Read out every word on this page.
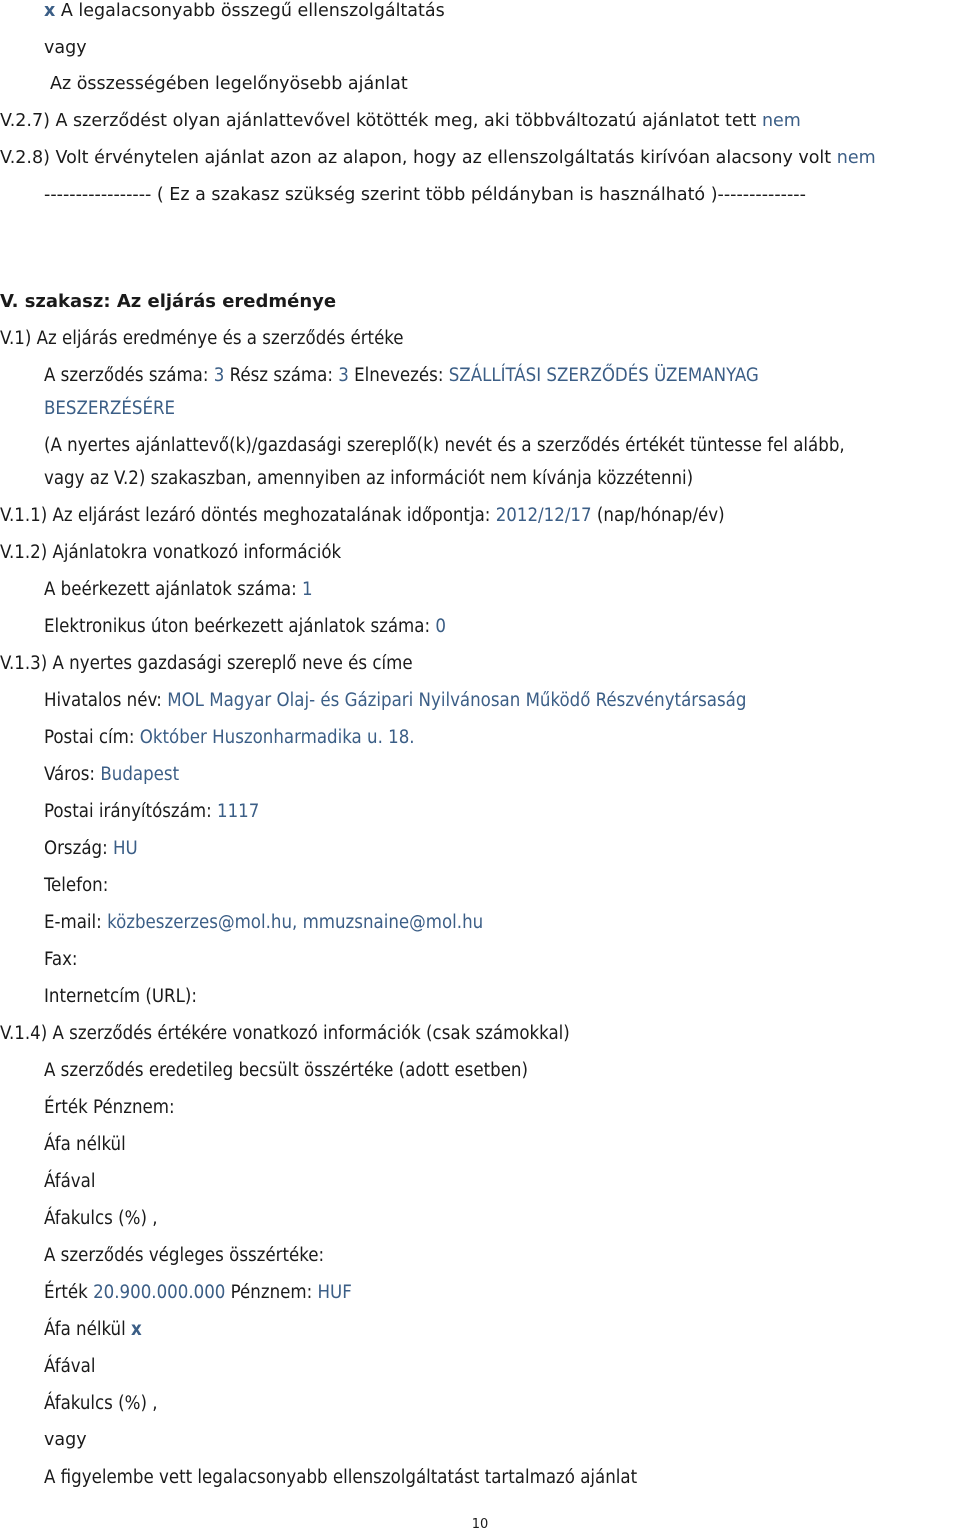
x A legalacsonyabb összegű ellenszolgáltatás
vagy
Az összességében legelőnyösebb ajánlat
V.2.7) A szerződést olyan ajánlattevővel kötötték meg, aki többváltozatú ajánlatot tett nem
V.2.8) Volt érvénytelen ajánlat azon az alapon, hogy az ellenszolgáltatás kirívóan alacsony volt nem
----------------- ( Ez a szakasz szükség szerint több példányban is használható )--------------
V. szakasz: Az eljárás eredménye
V.1) Az eljárás eredménye és a szerződés értéke
A szerződés száma: 3 Rész száma: 3 Elnevezés: SZÁLLÍTÁSI SZERZŐDÉS ÜZEMANYAG
BESZERZÉSÉRE
(A nyertes ajánlattevő(k)/gazdasági szereplő(k) nevét és a szerződés értékét tüntesse fel alább,
vagy az V.2) szakaszban, amennyiben az információt nem kívánja közzétenni)
V.1.1) Az eljárást lezáró döntés meghozatalának időpontja: 2012/12/17 (nap/hónap/év)
V.1.2) Ajánlatokra vonatkozó információk
A beérkezett ajánlatok száma: 1
Elektronikus úton beérkezett ajánlatok száma: 0
V.1.3) A nyertes gazdasági szereplő neve és címe
Hivatalos név: MOL Magyar Olaj- és Gázipari Nyilvánosan Működő Részvénytársaság
Postai cím: Október Huszonharmadika u. 18.
Város: Budapest
Postai irányítószám: 1117
Ország: HU
Telefon:
E-mail: közbeszerzes@mol.hu, mmuzsnaine@mol.hu
Fax:
Internetcím (URL):
V.1.4) A szerződés értékére vonatkozó információk (csak számokkal)
A szerződés eredetileg becsült összértéke (adott esetben)
Érték Pénznem:
Áfa nélkül
Áfával
Áfakulcs (%) ,
A szerződés végleges összértéke:
Érték 20.900.000.000 Pénznem: HUF
Áfa nélkül x
Áfával
Áfakulcs (%) ,
vagy
A figyelembe vett legalacsonyabb ellenszolgáltatást tartalmazó ajánlat
10
